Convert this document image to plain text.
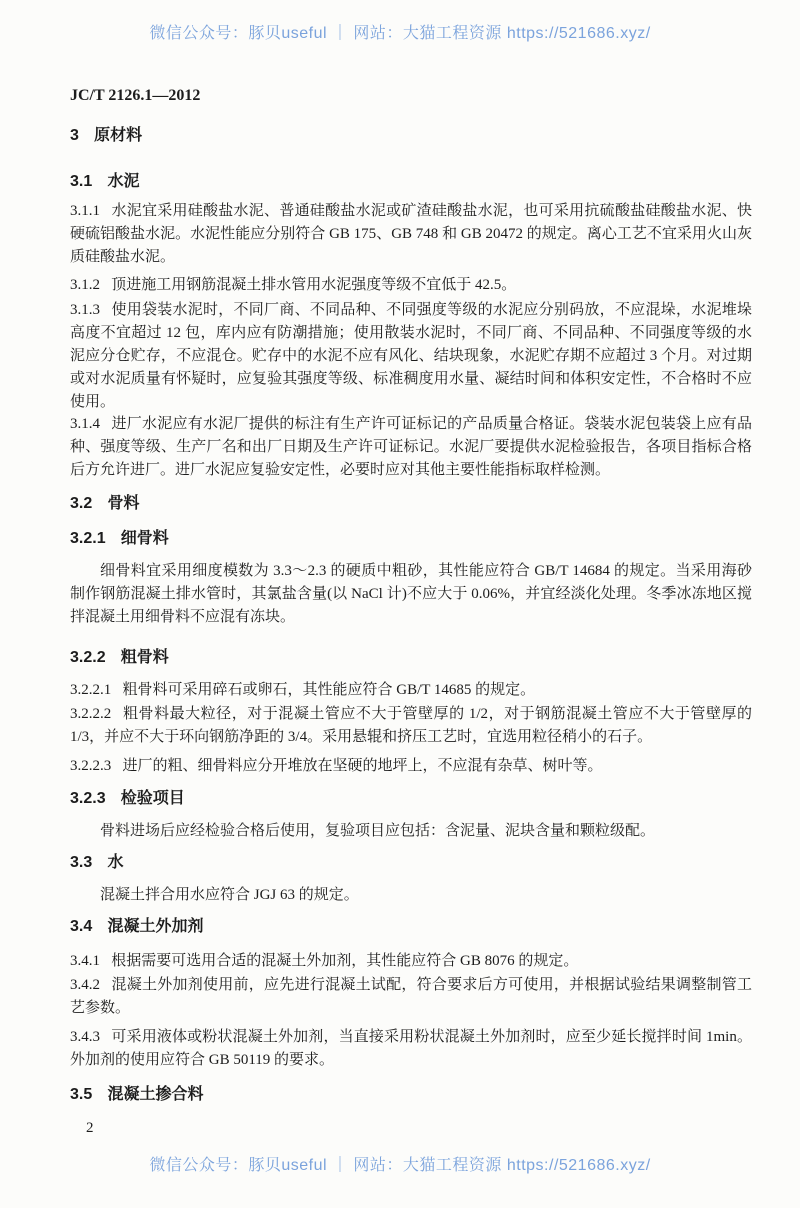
微信公众号：豚贝useful ｜ 网站：大猫工程资源 https://521686.xyz/
JC/T 2126.1—2012
3 原材料
3.1 水泥

3.1.1 水泥宜采用硅酸盐水泥、普通硅酸盐水泥或矿渣硅酸盐水泥，也可采用抗硫酸盐硅酸盐水泥、快硬硫铝酸盐水泥。水泥性能应分别符合 GB 175、GB 748 和 GB 20472 的规定。离心工艺不宜采用火山灰质硅酸盐水泥。

3.1.2 顶进施工用钢筋混凝土排水管用水泥强度等级不宜低于 42.5。

3.1.3 使用袋装水泥时，不同厂商、不同品种、不同强度等级的水泥应分别码放，不应混垛，水泥堆垛高度不宜超过 12 包，库内应有防潮措施；使用散装水泥时，不同厂商、不同品种、不同强度等级的水泥应分仓贮存，不应混仓。贮存中的水泥不应有风化、结块现象，水泥贮存期不应超过 3 个月。对过期或对水泥质量有怀疑时，应复验其强度等级、标准稠度用水量、凝结时间和体积安定性，不合格时不应使用。

3.1.4 进厂水泥应有水泥厂提供的标注有生产许可证标记的产品质量合格证。袋装水泥包装袋上应有品种、强度等级、生产厂名和出厂日期及生产许可证标记。水泥厂要提供水泥检验报告，各项目指标合格后方允许进厂。进厂水泥应复验安定性，必要时应对其他主要性能指标取样检测。

3.2 骨料
3.2.1 细骨料

细骨料宜采用细度模数为 3.3～2.3 的硬质中粗砂，其性能应符合 GB/T 14684 的规定。当采用海砂制作钢筋混凝土排水管时，其氯盐含量(以 NaCl 计)不应大于 0.06%，并宜经淡化处理。冬季冰冻地区搅拌混凝土用细骨料不应混有冻块。

3.2.2 粗骨料

3.2.2.1 粗骨料可采用碎石或卵石，其性能应符合 GB/T 14685 的规定。

3.2.2.2 粗骨料最大粒径，对于混凝土管应不大于管壁厚的 1/2，对于钢筋混凝土管应不大于管壁厚的 1/3，并应不大于环向钢筋净距的 3/4。采用悬辊和挤压工艺时，宜选用粒径稍小的石子。

3.2.2.3 进厂的粗、细骨料应分开堆放在坚硬的地坪上，不应混有杂草、树叶等。

3.2.3 检验项目

骨料进场后应经检验合格后使用，复验项目应包括：含泥量、泥块含量和颗粒级配。

3.3 水

混凝土拌合用水应符合 JGJ 63 的规定。

3.4 混凝土外加剂

3.4.1 根据需要可选用合适的混凝土外加剂，其性能应符合 GB 8076 的规定。

3.4.2 混凝土外加剂使用前，应先进行混凝土试配，符合要求后方可使用，并根据试验结果调整制管工艺参数。

3.4.3 可采用液体或粉状混凝土外加剂，当直接采用粉状混凝土外加剂时，应至少延长搅拌时间 1min。外加剂的使用应符合 GB 50119 的要求。

3.5 混凝土掺合料
2
微信公众号：豚贝useful ｜ 网站：大猫工程资源 https://521686.xyz/
